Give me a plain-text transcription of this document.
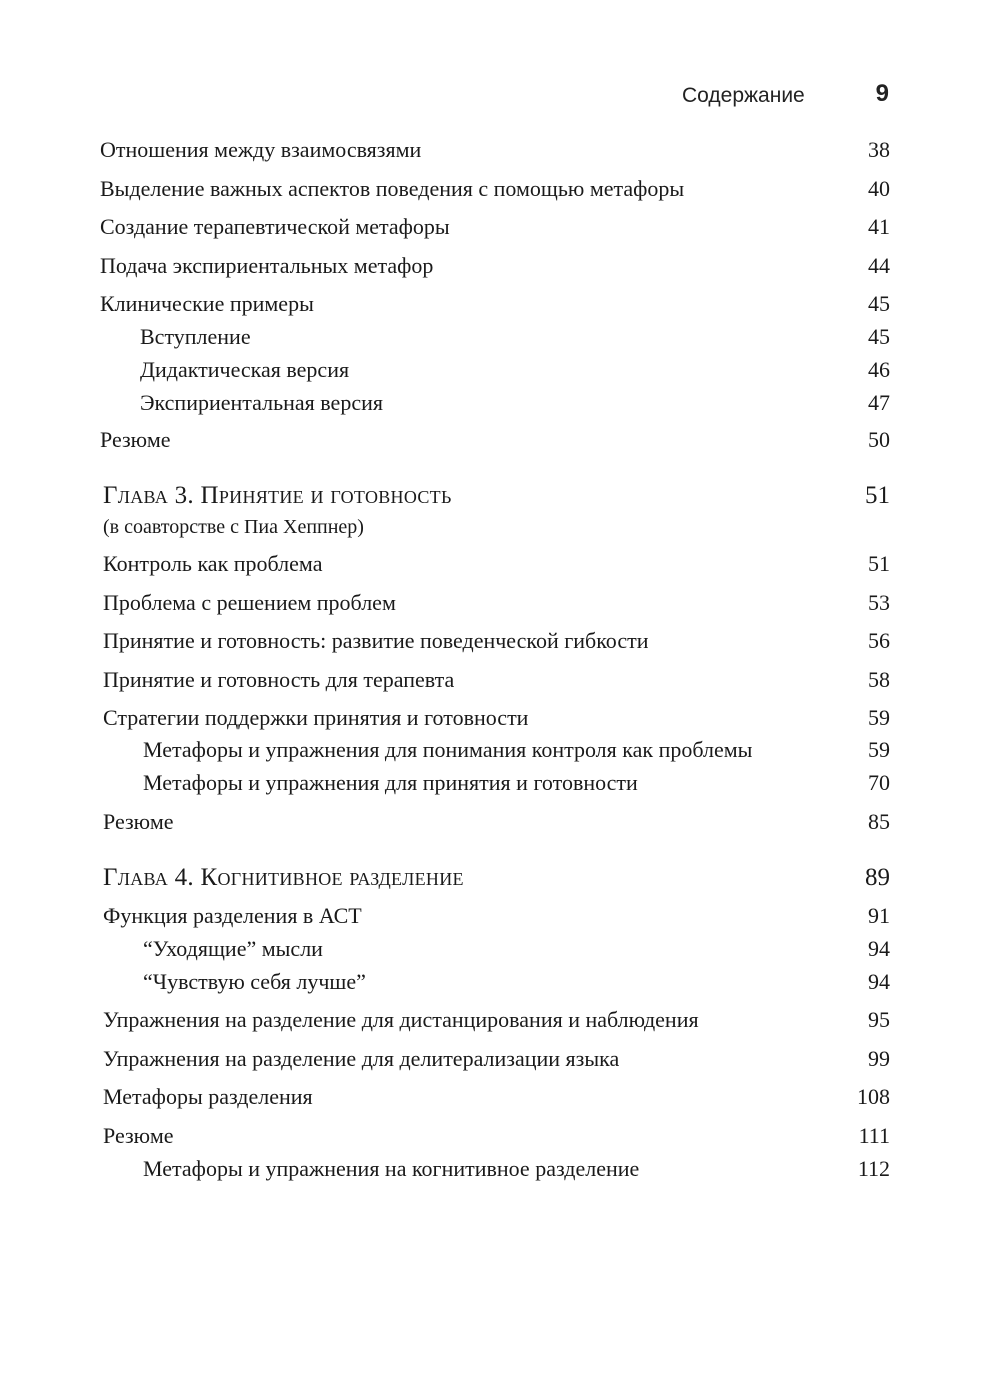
Содержание	9
Отношения между взаимосвязями	38
Выделение важных аспектов поведения с помощью метафоры	40
Создание терапевтической метафоры	41
Подача экспириентальных метафор	44
Клинические примеры	45
Вступление	45
Дидактическая версия	46
Экспириентальная версия	47
Резюме	50
Глава 3. Принятие и готовность	51
(в соавторстве с Пиа Хеппнер)
Контроль как проблема	51
Проблема с решением проблем	53
Принятие и готовность: развитие поведенческой гибкости	56
Принятие и готовность для терапевта	58
Стратегии поддержки принятия и готовности	59
Метафоры и упражнения для понимания контроля как проблемы	59
Метафоры и упражнения для принятия и готовности	70
Резюме	85
Глава 4. Когнитивное разделение	89
Функция разделения в АСТ	91
“Уходящие” мысли	94
“Чувствую себя лучше”	94
Упражнения на разделение для дистанцирования и наблюдения	95
Упражнения на разделение для делитерализации языка	99
Метафоры разделения	108
Резюме	111
Метафоры и упражнения на когнитивное разделение	112
